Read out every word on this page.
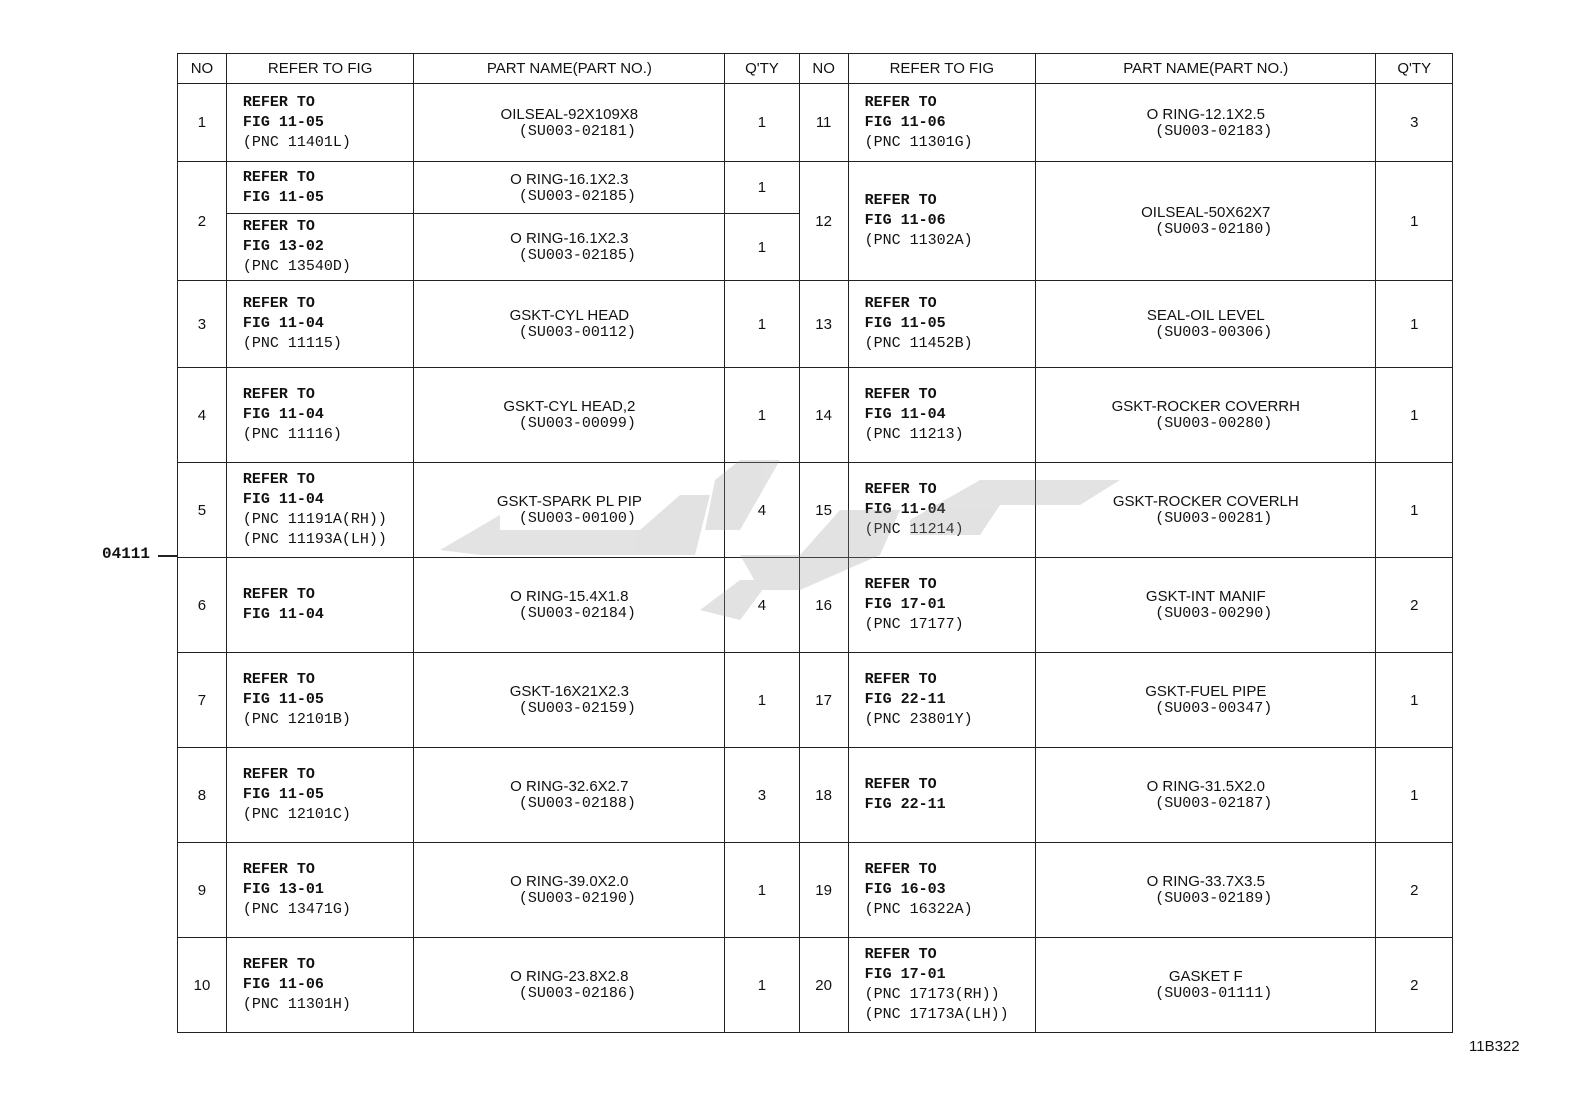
04111
NO	REFER TO FIG	PART NAME(PART NO.)	Q'TY	NO	REFER TO FIG	PART NAME(PART NO.)	Q'TY
1	REFER TO
FIG 11-05
(PNC 11401L)	OILSEAL-92X109X8
(SU003-02181)	1	11	REFER TO
FIG 11-06
(PNC 11301G)	O RING-12.1X2.5
(SU003-02183)	3
2	REFER TO
FIG 11-05	O RING-16.1X2.3
(SU003-02185)	1	12	REFER TO
FIG 11-06
(PNC 11302A)	OILSEAL-50X62X7
(SU003-02180)	1

	REFER TO
FIG 13-02
(PNC 13540D)	O RING-16.1X2.3
(SU003-02185)	1				
3	REFER TO
FIG 11-04
(PNC 11115)	GSKT-CYL HEAD
(SU003-00112)	1	13	REFER TO
FIG 11-05
(PNC 11452B)	SEAL-OIL LEVEL
(SU003-00306)	1
4	REFER TO
FIG 11-04
(PNC 11116)	GSKT-CYL HEAD,2
(SU003-00099)	1	14	REFER TO
FIG 11-04
(PNC 11213)	GSKT-ROCKER COVERRH
(SU003-00280)	1
5	REFER TO
FIG 11-04
(PNC 11191A(RH))
(PNC 11193A(LH))	GSKT-SPARK PL PIP
(SU003-00100)	4	15	REFER TO
FIG 11-04
(PNC 11214)	GSKT-ROCKER COVERLH
(SU003-00281)	1
6	REFER TO
FIG 11-04	O RING-15.4X1.8
(SU003-02184)	4	16	REFER TO
FIG 17-01
(PNC 17177)	GSKT-INT MANIF
(SU003-00290)	2
7	REFER TO
FIG 11-05
(PNC 12101B)	GSKT-16X21X2.3
(SU003-02159)	1	17	REFER TO
FIG 22-11
(PNC 23801Y)	GSKT-FUEL PIPE
(SU003-00347)	1
8	REFER TO
FIG 11-05
(PNC 12101C)	O RING-32.6X2.7
(SU003-02188)	3	18	REFER TO
FIG 22-11	O RING-31.5X2.0
(SU003-02187)	1
9	REFER TO
FIG 13-01
(PNC 13471G)	O RING-39.0X2.0
(SU003-02190)	1	19	REFER TO
FIG 16-03
(PNC 16322A)	O RING-33.7X3.5
(SU003-02189)	2
10	REFER TO
FIG 11-06
(PNC 11301H)	O RING-23.8X2.8
(SU003-02186)	1	20	REFER TO
FIG 17-01
(PNC 17173(RH))
(PNC 17173A(LH))	GASKET F
(SU003-01111)	2
11B322
